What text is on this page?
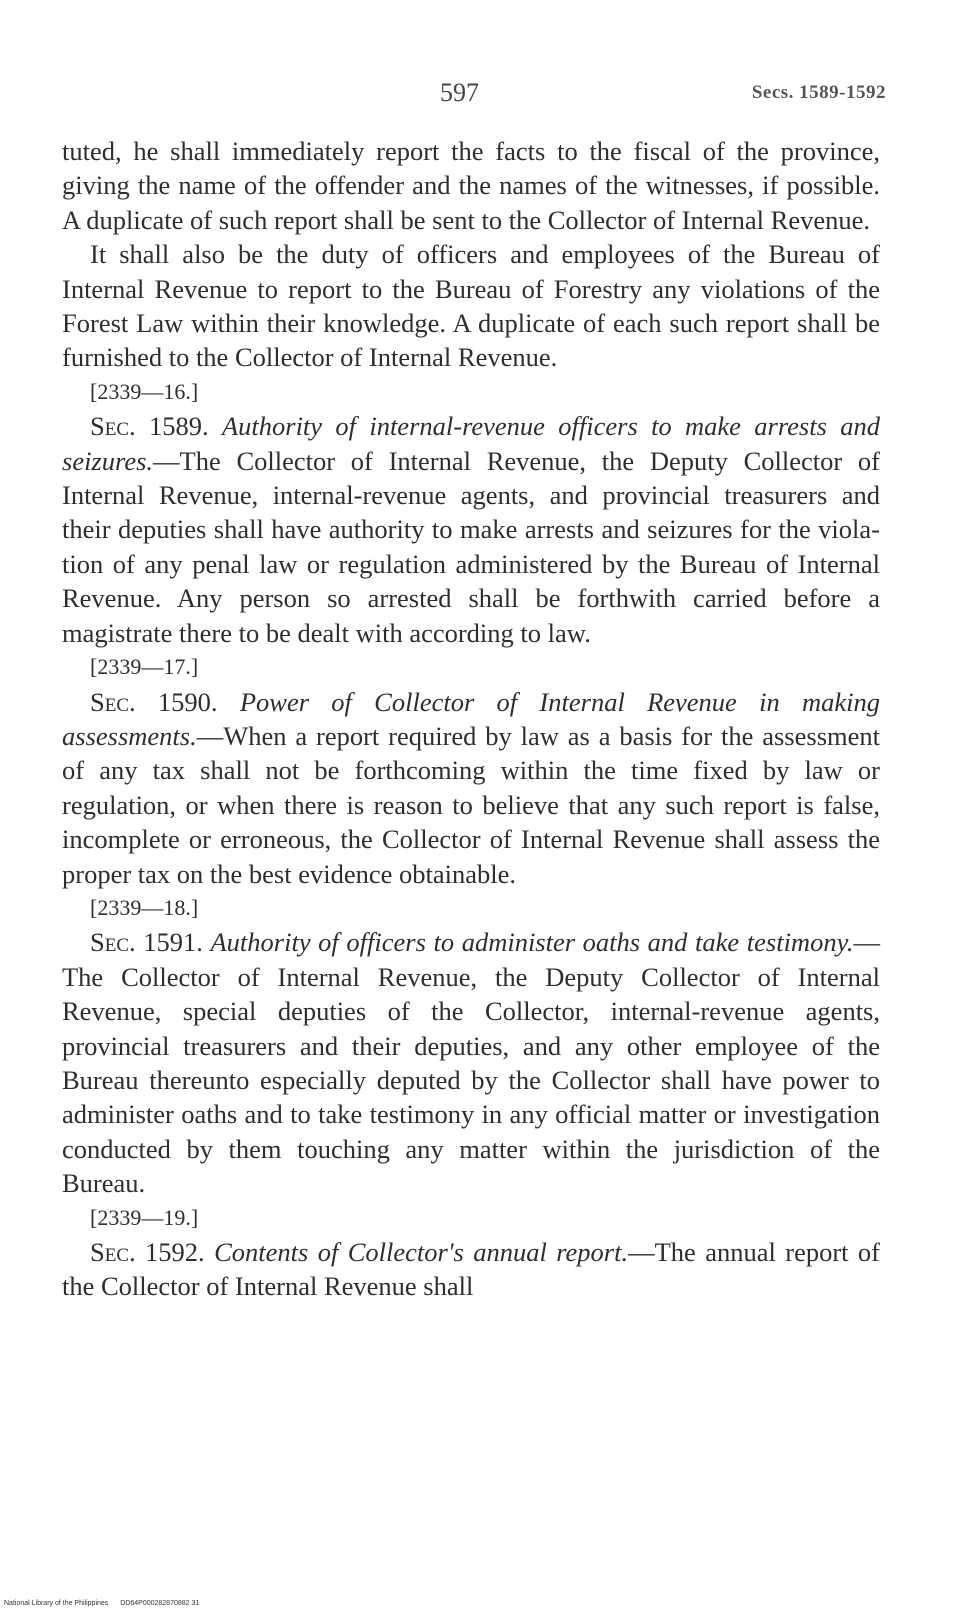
597	Secs. 1589-1592

tuted, he shall immediately report the facts to the fiscal of the province, giving the name of the offender and the names of the witnesses, if possible. A duplicate of such report shall be sent to the Collector of Internal Revenue.

It shall also be the duty of officers and employees of the Bureau of Internal Revenue to report to the Bureau of Forestry any violations of the Forest Law within their knowledge. A duplicate of each such report shall be furnished to the Collector of Internal Revenue.

[2339—16.]

Sec. 1589. Authority of internal-revenue officers to make arrests and seizures.—The Collector of Internal Revenue, the Deputy Collector of Internal Revenue, internal-revenue agents, and provincial treasurers and their deputies shall have authority to make arrests and seizures for the violation of any penal law or regulation administered by the Bureau of Internal Revenue. Any person so arrested shall be forthwith carried before a magistrate there to be dealt with according to law.

[2339—17.]

Sec. 1590. Power of Collector of Internal Revenue in making assessments.—When a report required by law as a basis for the assessment of any tax shall not be forthcoming within the time fixed by law or regulation, or when there is reason to believe that any such report is false, incomplete or erroneous, the Collector of Internal Revenue shall assess the proper tax on the best evidence obtainable.

[2339—18.]

Sec. 1591. Authority of officers to administer oaths and take testimony.—The Collector of Internal Revenue, the Deputy Collector of Internal Revenue, special deputies of the Collector, internal-revenue agents, provincial treasurers and their deputies, and any other employee of the Bureau thereunto especially deputed by the Collector shall have power to administer oaths and to take testimony in any official matter or investigation conducted by them touching any matter within the jurisdiction of the Bureau.

[2339—19.]

Sec. 1592. Contents of Collector's annual report.—The annual report of the Collector of Internal Revenue shall

National Library of the Philippines DD64P000282870882 31
